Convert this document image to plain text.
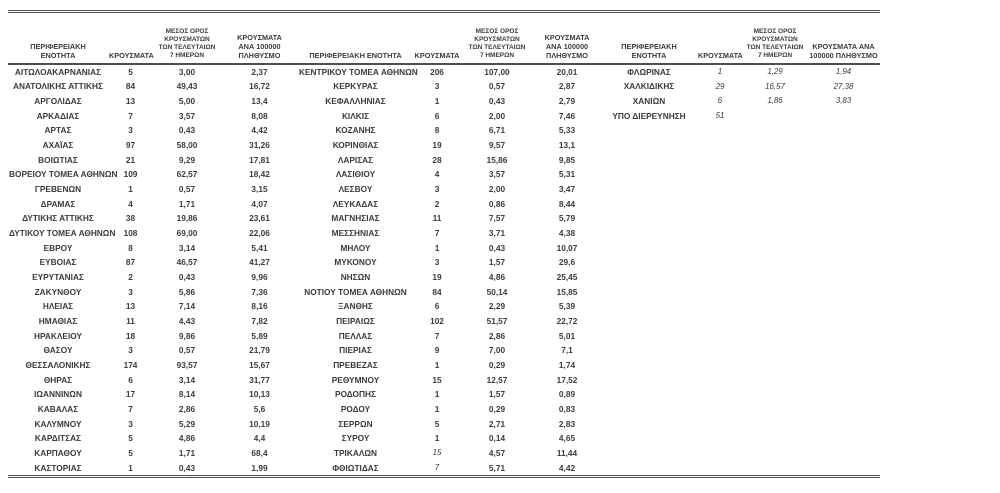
ΠΕΡΙΦΕΡΕΙΑΚΗ ΕΝΟΤΗΤΑ	ΚΡΟΥΣΜΑΤΑ	ΜΕΣΟΣ ΟΡΟΣ ΚΡΟΥΣΜΑΤΩΝ ΤΩΝ ΤΕΛΕΥΤΑΙΩΝ 7 ΗΜΕΡΩΝ	ΚΡΟΥΣΜΑΤΑ ΑΝΑ 100000 ΠΛΗΘΥΣΜΟ	ΠΕΡΙΦΕΡΕΙΑΚΗ ΕΝΟΤΗΤΑ	ΚΡΟΥΣΜΑΤΑ	ΜΕΣΟΣ ΟΡΟΣ ΚΡΟΥΣΜΑΤΩΝ ΤΩΝ ΤΕΛΕΥΤΑΙΩΝ 7 ΗΜΕΡΩΝ	ΚΡΟΥΣΜΑΤΑ ΑΝΑ 100000 ΠΛΗΘΥΣΜΟ	ΠΕΡΙΦΕΡΕΙΑΚΗ ΕΝΟΤΗΤΑ	ΚΡΟΥΣΜΑΤΑ	ΜΕΣΟΣ ΟΡΟΣ ΚΡΟΥΣΜΑΤΩΝ ΤΩΝ ΤΕΛΕΥΤΑΙΩΝ 7 ΗΜΕΡΩΝ	ΚΡΟΥΣΜΑΤΑ ΑΝΑ 100000 ΠΛΗΘΥΣΜΟ
ΑΙΤΩΛΟΑΚΑΡΝΑΝΙΑΣ	5	3,00	2,37	ΚΕΝΤΡΙΚΟΥ ΤΟΜΕΑ ΑΘΗΝΩΝ	206	107,00	20,01	ΦΛΩΡΙΝΑΣ	1	1,29	1,94
ΑΝΑΤΟΛΙΚΗΣ ΑΤΤΙΚΗΣ	84	49,43	16,72	ΚΕΡΚΥΡΑΣ	3	0,57	2,87	ΧΑΛΚΙΔΙΚΗΣ	29	16,57	27,38
ΑΡΓΟΛΙΔΑΣ	13	5,00	13,4	ΚΕΦΑΛΛΗΝΙΑΣ	1	0,43	2,79	ΧΑΝΙΩΝ	6	1,86	3,83
ΑΡΚΑΔΙΑΣ	7	3,57	8,08	ΚΙΛΚΙΣ	6	2,00	7,46	ΥΠΟ ΔΙΕΡΕΥΝΗΣΗ	51		
ΑΡΤΑΣ	3	0,43	4,42	ΚΟΖΑΝΗΣ	8	6,71	5,33				
ΑΧΑΪΑΣ	97	58,00	31,26	ΚΟΡΙΝΘΙΑΣ	19	9,57	13,1				
ΒΟΙΩΤΙΑΣ	21	9,29	17,81	ΛΑΡΙΣΑΣ	28	15,86	9,85				
ΒΟΡΕΙΟΥ ΤΟΜΕΑ ΑΘΗΝΩΝ	109	62,57	18,42	ΛΑΣΙΘΙΟΥ	4	3,57	5,31				
ΓΡΕΒΕΝΩΝ	1	0,57	3,15	ΛΕΣΒΟΥ	3	2,00	3,47				
ΔΡΑΜΑΣ	4	1,71	4,07	ΛΕΥΚΑΔΑΣ	2	0,86	8,44				
ΔΥΤΙΚΗΣ ΑΤΤΙΚΗΣ	38	19,86	23,61	ΜΑΓΝΗΣΙΑΣ	11	7,57	5,79				
ΔΥΤΙΚΟΥ ΤΟΜΕΑ ΑΘΗΝΩΝ	108	69,00	22,06	ΜΕΣΣΗΝΙΑΣ	7	3,71	4,38				
ΕΒΡΟΥ	8	3,14	5,41	ΜΗΛΟΥ	1	0,43	10,07				
ΕΥΒΟΙΑΣ	87	46,57	41,27	ΜΥΚΟΝΟΥ	3	1,57	29,6				
ΕΥΡΥΤΑΝΙΑΣ	2	0,43	9,96	ΝΗΣΩΝ	19	4,86	25,45				
ΖΑΚΥΝΘΟΥ	3	5,86	7,36	ΝΟΤΙΟΥ ΤΟΜΕΑ ΑΘΗΝΩΝ	84	50,14	15,85				
ΗΛΕΙΑΣ	13	7,14	8,16	ΞΑΝΘΗΣ	6	2,29	5,39				
ΗΜΑΘΙΑΣ	11	4,43	7,82	ΠΕΙΡΑΙΩΣ	102	51,57	22,72				
ΗΡΑΚΛΕΙΟΥ	18	9,86	5,89	ΠΕΛΛΑΣ	7	2,86	5,01				
ΘΑΣΟΥ	3	0,57	21,79	ΠΙΕΡΙΑΣ	9	7,00	7,1				
ΘΕΣΣΑΛΟΝΙΚΗΣ	174	93,57	15,67	ΠΡΕΒΕΖΑΣ	1	0,29	1,74				
ΘΗΡΑΣ	6	3,14	31,77	ΡΕΘΥΜΝΟΥ	15	12,57	17,52				
ΙΩΑΝΝΙΝΩΝ	17	8,14	10,13	ΡΟΔΟΠΗΣ	1	1,57	0,89				
ΚΑΒΑΛΑΣ	7	2,86	5,6	ΡΟΔΟΥ	1	0,29	0,83				
ΚΑΛΥΜΝΟΥ	3	5,29	10,19	ΣΕΡΡΩΝ	5	2,71	2,83				
ΚΑΡΔΙΤΣΑΣ	5	4,86	4,4	ΣΥΡΟΥ	1	0,14	4,65				
ΚΑΡΠΑΘΟΥ	5	1,71	68,4	ΤΡΙΚΑΛΩΝ	15	4,57	11,44				
ΚΑΣΤΟΡΙΑΣ	1	0,43	1,99	ΦΘΙΩΤΙΔΑΣ	7	5,71	4,42				
